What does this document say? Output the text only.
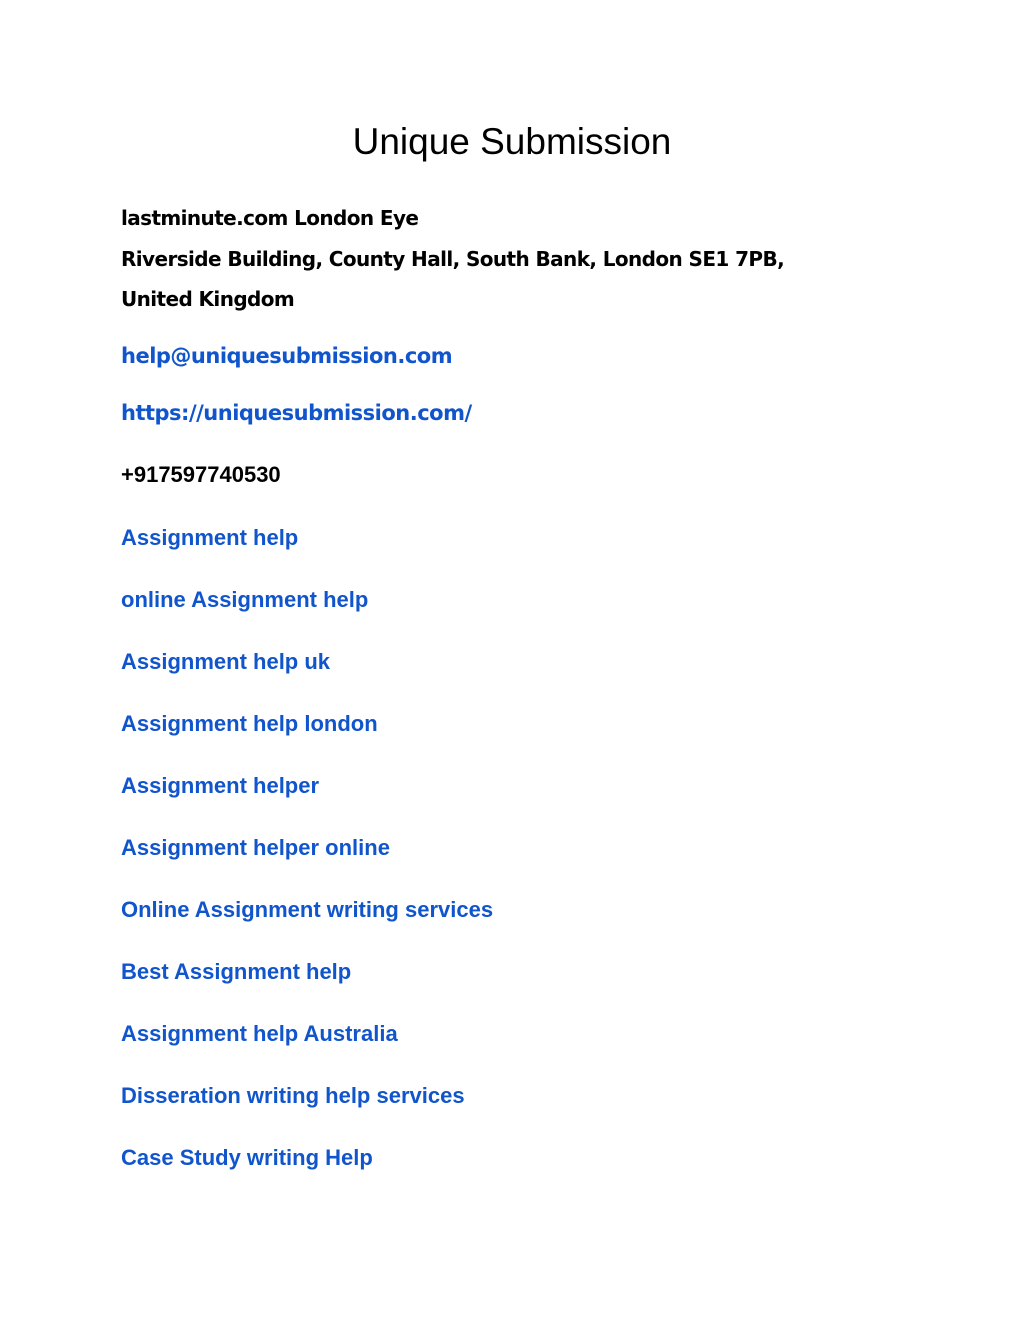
Unique Submission
lastminute.com London Eye
Riverside Building, County Hall, South Bank, London SE1 7PB,
United Kingdom
help@uniquesubmission.com
https://uniquesubmission.com/
+917597740530
Assignment help
online Assignment help
Assignment help uk
Assignment help london
Assignment helper
Assignment helper online
Online Assignment writing services
Best Assignment help
Assignment help Australia
Disseration writing help services
Case Study writing Help
